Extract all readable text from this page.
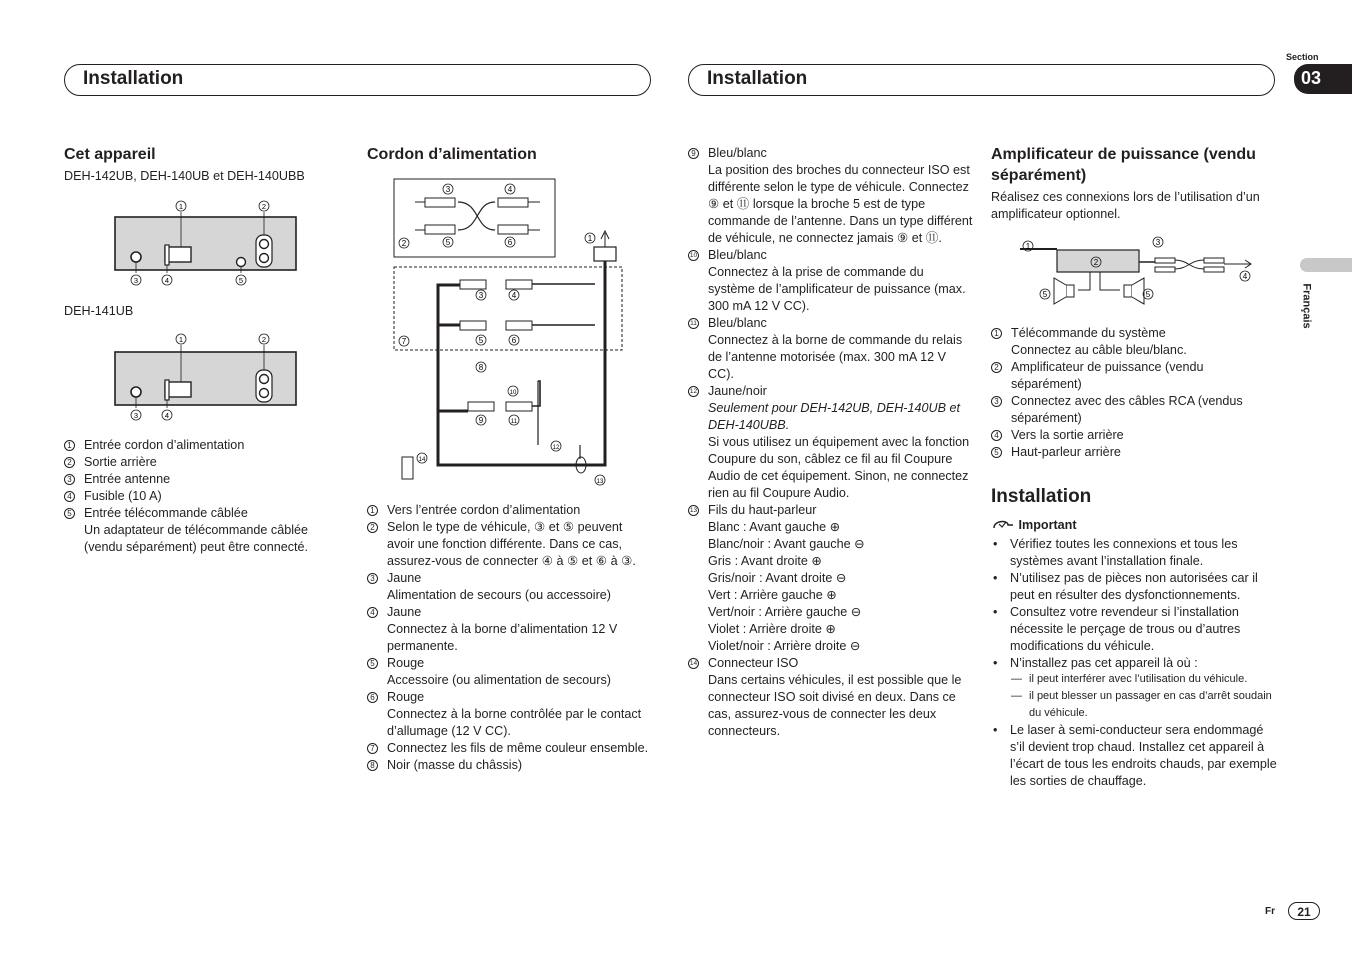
Installation	Installation
Section
03
Français
Cet appareil
DEH-142UB, DEH-140UB et DEH-140UBB
1	2
3	4	5
DEH-141UB
1	2
3	4
1 Entrée cordon d’alimentation
2 Sortie arrière
3 Entrée antenne
4 Fusible (10 A)
5 Entrée télécommande câblée
Un adaptateur de télécommande câblée (vendu séparément) peut être connecté.
Cordon d’alimentation
3	4
2	5	6	1
3	4
5	6
7
8
10
9	11
12
14
13
1 Vers l’entrée cordon d’alimentation
2 Selon le type de véhicule, ③ et ⑤ peuvent avoir une fonction différente. Dans ce cas, assurez-vous de connecter ④ à ⑤ et ⑥ à ③.
3 Jaune
Alimentation de secours (ou accessoire)
4 Jaune
Connectez à la borne d’alimentation 12 V permanente.
5 Rouge
Accessoire (ou alimentation de secours)
6 Rouge
Connectez à la borne contrôlée par le contact d’allumage (12 V CC).
7 Connectez les fils de même couleur ensemble.
8 Noir (masse du châssis)
9 Bleu/blanc
La position des broches du connecteur ISO est différente selon le type de véhicule. Connectez ⑨ et ⑪ lorsque la broche 5 est de type commande de l’antenne. Dans un type différent de véhicule, ne connectez jamais ⑨ et ⑪.
10 Bleu/blanc
Connectez à la prise de commande du système de l’amplificateur de puissance (max. 300 mA 12 V CC).
11 Bleu/blanc
Connectez à la borne de commande du relais de l’antenne motorisée (max. 300 mA 12 V CC).
12 Jaune/noir
Seulement pour DEH-142UB, DEH-140UB et DEH-140UBB.
Si vous utilisez un équipement avec la fonction Coupure du son, câblez ce fil au fil Coupure Audio de cet équipement. Sinon, ne connectez rien au fil Coupure Audio.
13 Fils du haut-parleur
Blanc : Avant gauche ⊕
Blanc/noir : Avant gauche ⊖
Gris : Avant droite ⊕
Gris/noir : Avant droite ⊖
Vert : Arrière gauche ⊕
Vert/noir : Arrière gauche ⊖
Violet : Arrière droite ⊕
Violet/noir : Arrière droite ⊖
14 Connecteur ISO
Dans certains véhicules, il est possible que le connecteur ISO soit divisé en deux. Dans ce cas, assurez-vous de connecter les deux connecteurs.
Amplificateur de puissance (vendu séparément)
Réalisez ces connexions lors de l’utilisation d’un amplificateur optionnel.
1
2
3
4
5	5
1 Télécommande du système
Connectez au câble bleu/blanc.
2 Amplificateur de puissance (vendu séparément)
3 Connectez avec des câbles RCA (vendus séparément)
4 Vers la sortie arrière
5 Haut-parleur arrière
Installation
Important
• Vérifiez toutes les connexions et tous les systèmes avant l’installation finale.
• N’utilisez pas de pièces non autorisées car il peut en résulter des dysfonctionnements.
• Consultez votre revendeur si l’installation nécessite le perçage de trous ou d’autres modifications du véhicule.
• N’installez pas cet appareil là où :
— il peut interférer avec l’utilisation du véhicule.
— il peut blesser un passager en cas d’arrêt soudain du véhicule.
• Le laser à semi-conducteur sera endommagé s’il devient trop chaud. Installez cet appareil à l’écart de tous les endroits chauds, par exemple les sorties de chauffage.
Fr	21
